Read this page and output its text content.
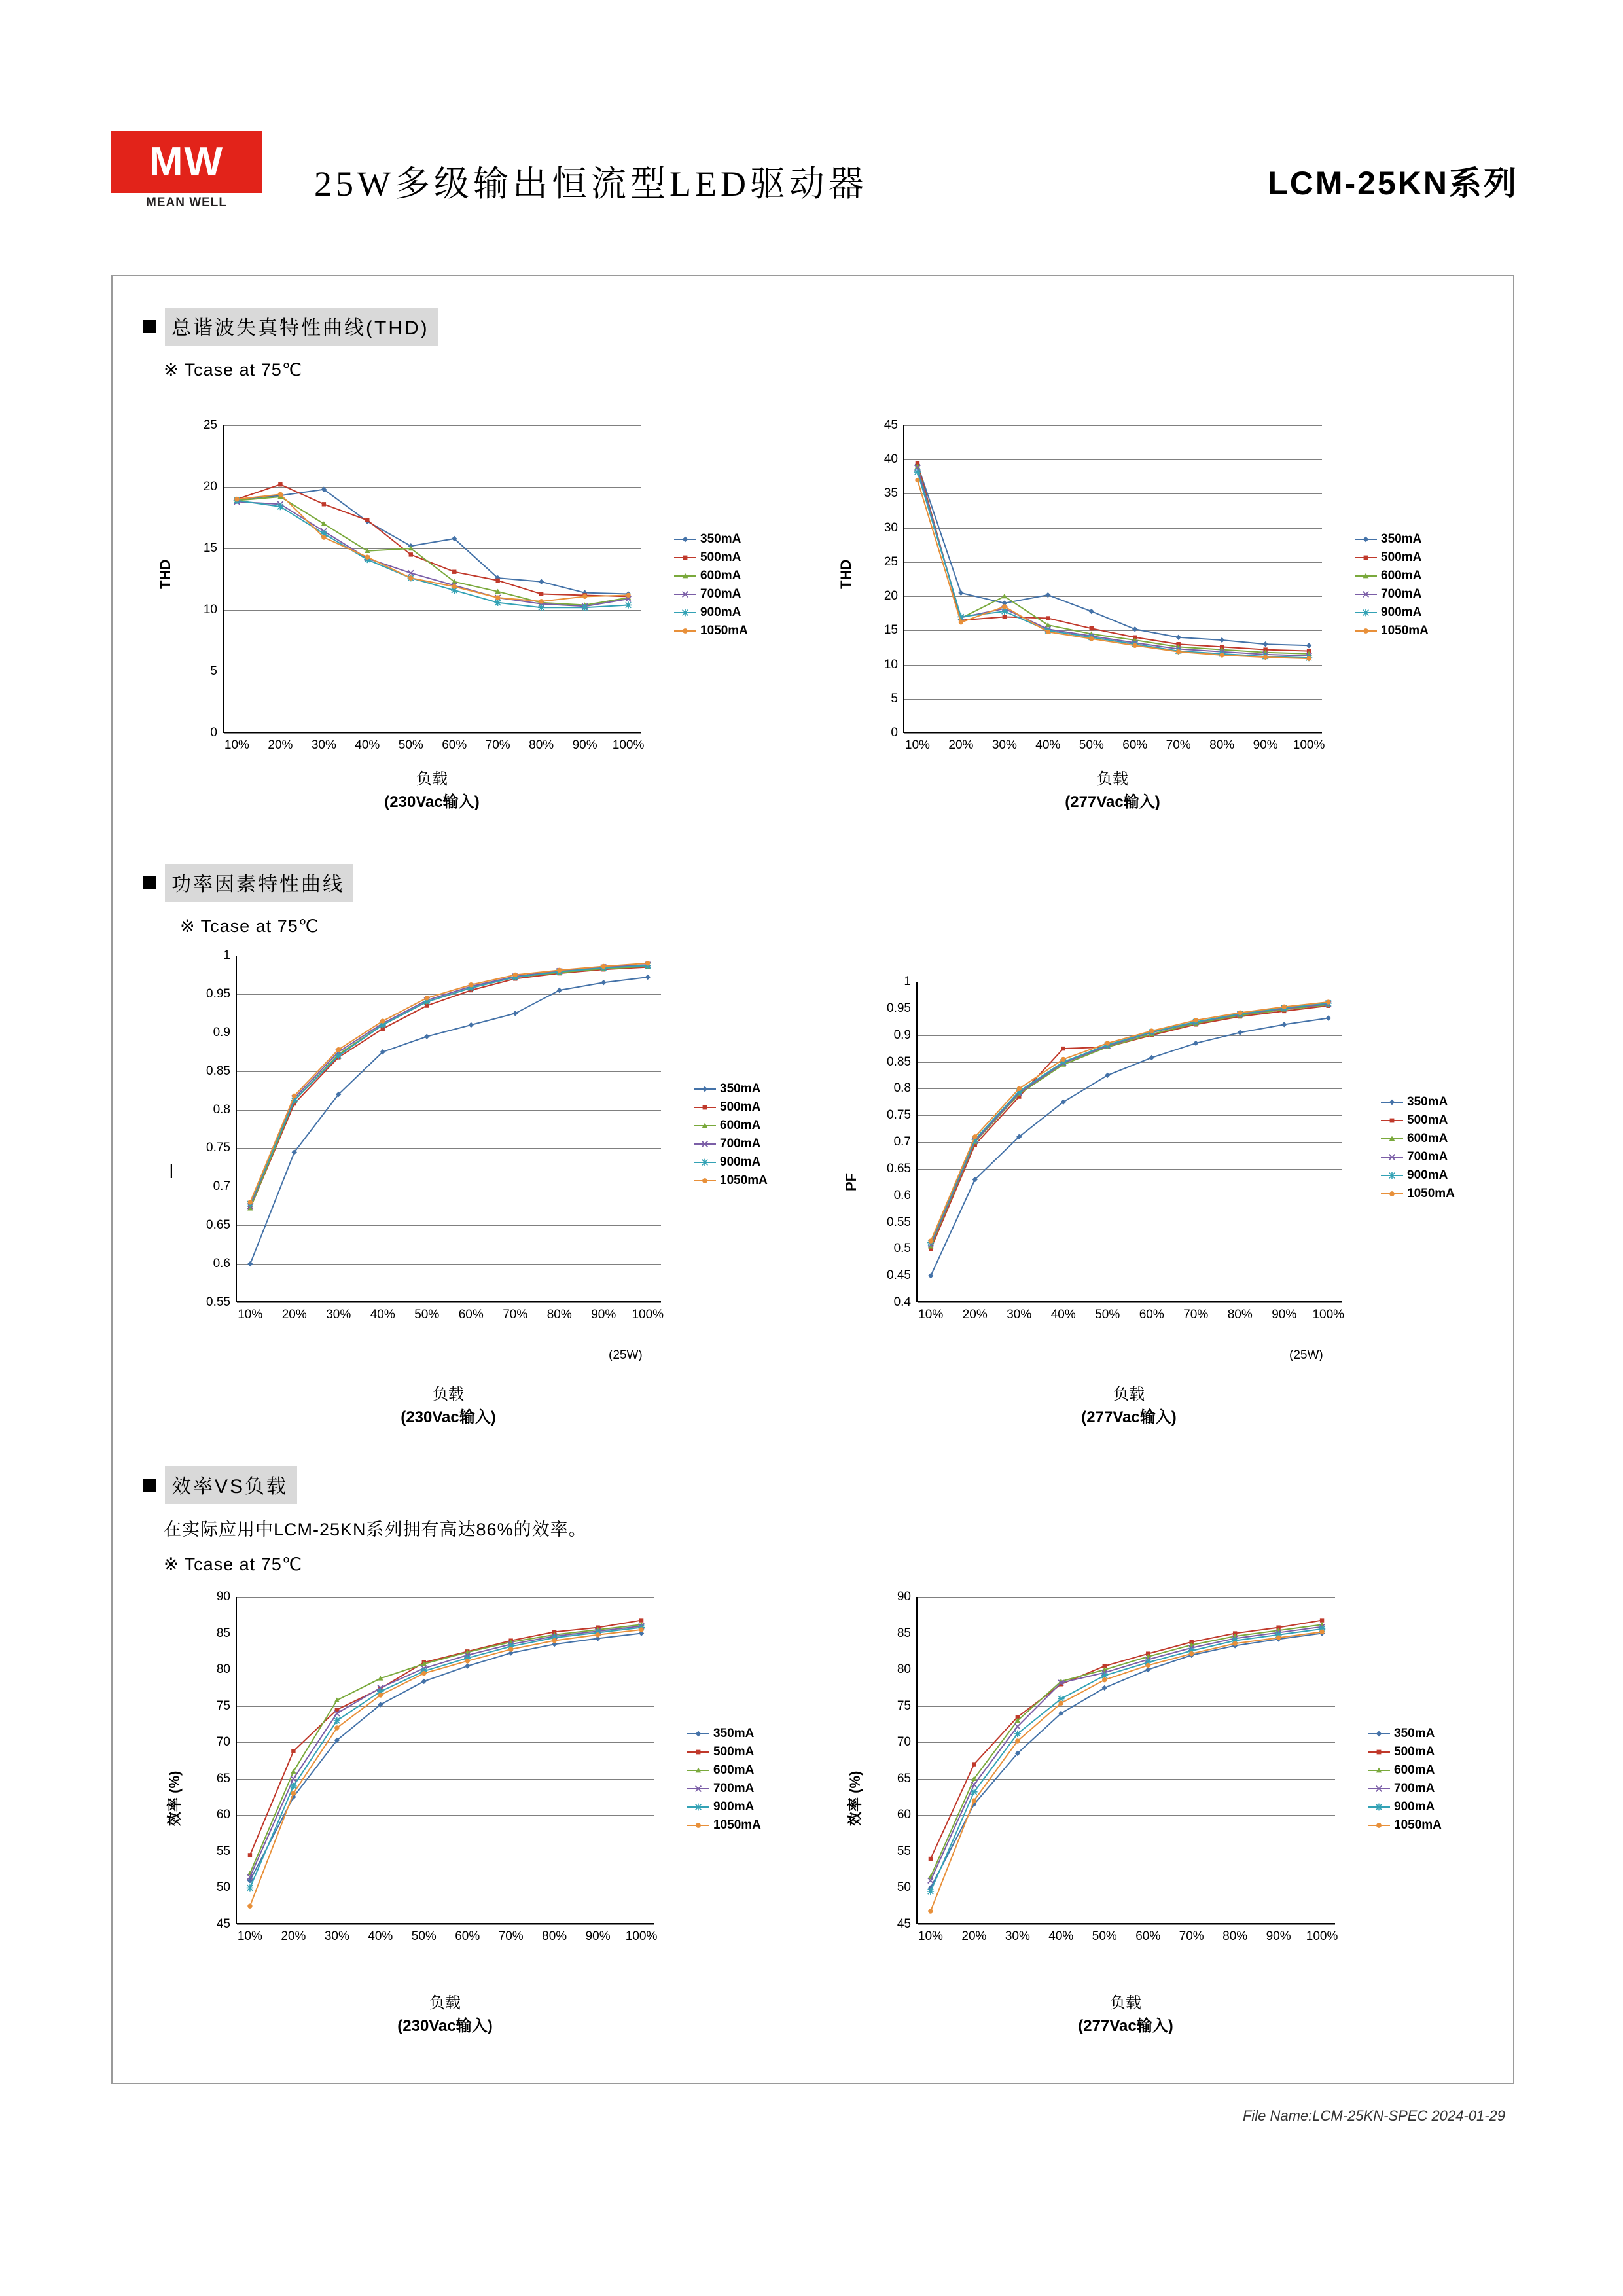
MW
MEAN WELL	25W多级输出恒流型LED驱动器	LCM-25KN系列
总谐波失真特性曲线(THD)
※ Tcase at 75℃
THD
0
5
10
15
20
25
10% 20% 30% 40% 50% 60% 70% 80% 90% 100%
350mA
500mA
600mA
700mA
900mA
1050mA
负载
(230Vac输入)
THD
0
5
10
15
20
25
30
35
40
45
10% 20% 30% 40% 50% 60% 70% 80% 90% 100%
350mA
500mA
600mA
700mA
900mA
1050mA
负载
(277Vac输入)
功率因素特性曲线
※ Tcase at 75℃
—
0.55
0.6
0.65
0.7
0.75
0.8
0.85
0.9
0.95
1
10% 20% 30% 40% 50% 60% 70% 80% 90% 100%
350mA
500mA
600mA
700mA
900mA
1050mA
(25W)
负载
(230Vac输入)
PF
0.4
0.45
0.5
0.55
0.6
0.65
0.7
0.75
0.8
0.85
0.9
0.95
1
10% 20% 30% 40% 50% 60% 70% 80% 90% 100%
350mA
500mA
600mA
700mA
900mA
1050mA
(25W)
负载
(277Vac输入)
效率VS负载
在实际应用中LCM-25KN系列拥有高达86%的效率。
※ Tcase at 75℃
效率 (%)
45
50
55
60
65
70
75
80
85
90
10% 20% 30% 40% 50% 60% 70% 80% 90% 100%
350mA
500mA
600mA
700mA
900mA
1050mA
负载
(230Vac输入)
效率 (%)
45
50
55
60
65
70
75
80
85
90
10% 20% 30% 40% 50% 60% 70% 80% 90% 100%
350mA
500mA
600mA
700mA
900mA
1050mA
负载
(277Vac输入)
File Name:LCM-25KN-SPEC 2024-01-29
